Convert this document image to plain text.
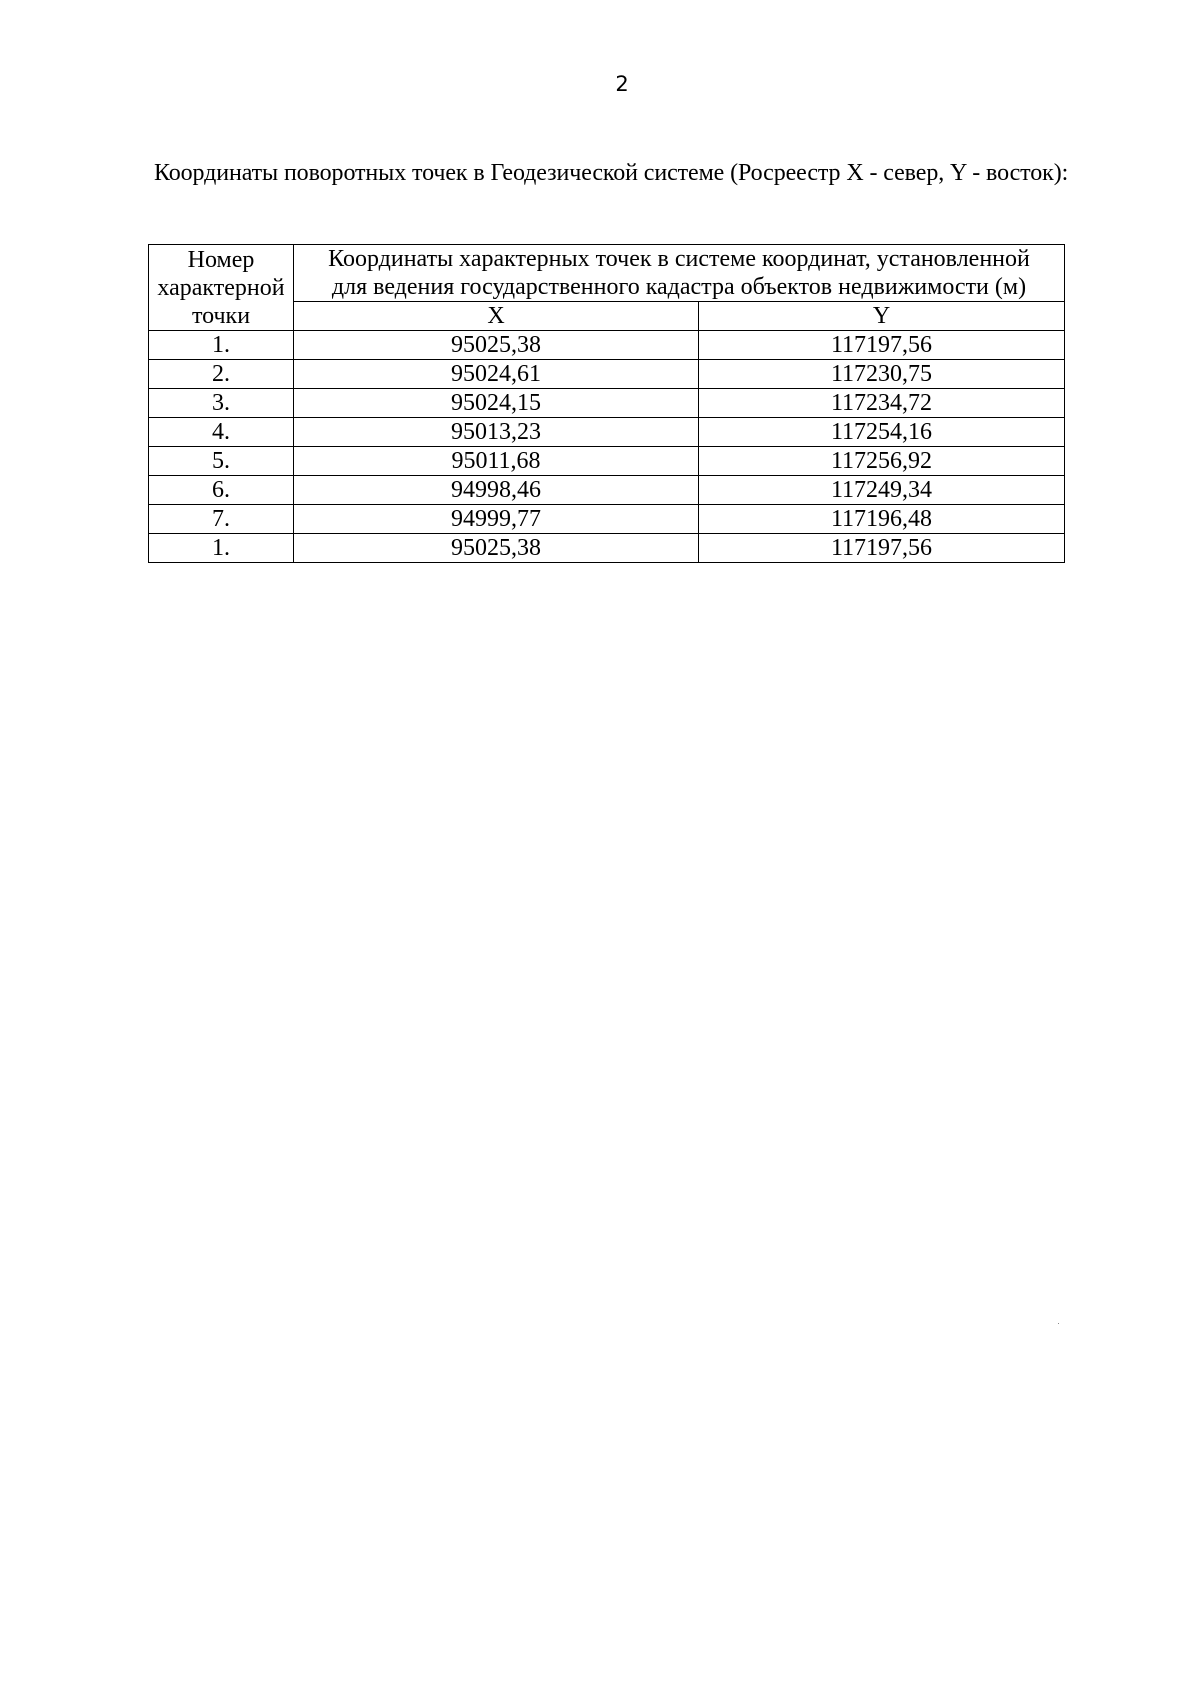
2
Координаты поворотных точек в Геодезической системе (Росреестр X - север, Y - восток):
Номер
характерной
точки	Координаты характерных точек в системе координат, установленной
для ведения государственного кадастра объектов недвижимости (м)	

	X	Y
1.	95025,38	117197,56
2.	95024,61	117230,75
3.	95024,15	117234,72
4.	95013,23	117254,16
5.	95011,68	117256,92
6.	94998,46	117249,34
7.	94999,77	117196,48
1.	95025,38	117197,56
